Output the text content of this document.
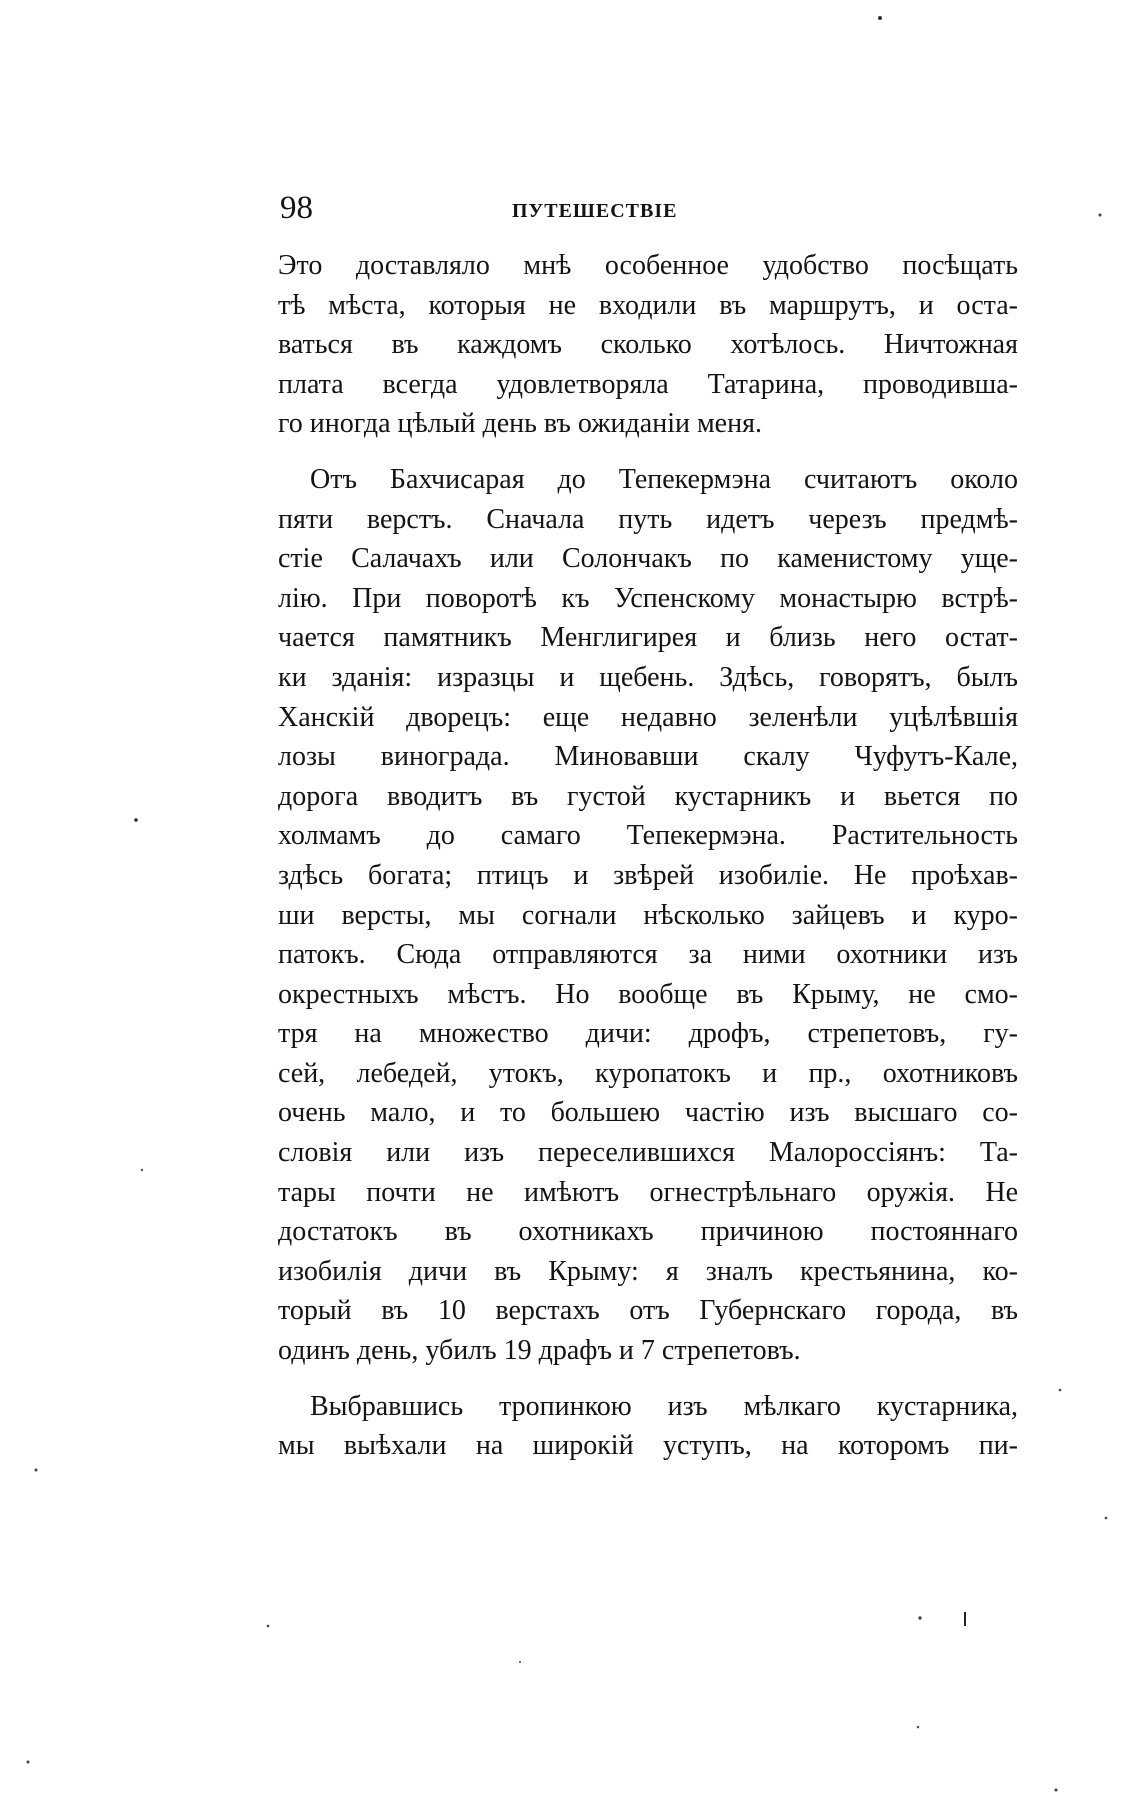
98	ПУТЕШЕСТВІЕ
Это доставляло мнѣ особенное удобство посѣщать
тѣ мѣста, которыя не входили въ маршрутъ, и оста-
ваться въ каждомъ сколько хотѣлось. Ничтожная
плата всегда удовлетворяла Татарина, проводившa-
го иногда цѣлый день въ ожиданіи меня.
Отъ Бахчисарая до Тепекермэна считаютъ около
пяти верстъ. Сначала путь идетъ черезъ предмѣ-
стіе Салачахъ или Солончакъ по каменистому уще-
лію. При поворотѣ къ Успенскому монастырю встрѣ-
чается памятникъ Менглигирея и близь него остат-
ки зданія: изразцы и щебень. Здѣсь, говорятъ, былъ
Ханскій дворецъ: еще недавно зеленѣли уцѣлѣвшія
лозы винограда. Миновавши скалу Чуфутъ-Кале,
дорога вводитъ въ густой кустарникъ и вьется по
холмамъ до самаго Тепекермэна. Растительность
здѣсь богата; птицъ и звѣрей изобиліе. Не проѣхав-
ши версты, мы согнали нѣсколько зайцевъ и куро-
патокъ. Сюда отправляются за ними охотники изъ
окрестныхъ мѣстъ. Но вообще въ Крыму, не смо-
тря на множество дичи: дрофъ, стрепетовъ, гу-
сей, лебедей, утокъ, куропатокъ и пр., охотниковъ
очень мало, и то большею частію изъ высшаго со-
словія или изъ переселившихся Малороссіянъ: Та-
тары почти не имѣютъ огнестрѣльнаго оружія. Не
достатокъ въ охотникахъ причиною постояннаго
изобилія дичи въ Крыму: я зналъ крестьянина, ко-
торый въ 10 верстахъ отъ Губернскаго города, въ
одинъ день, убилъ 19 драфъ и 7 стрепетовъ.
Выбравшись тропинкою изъ мѣлкаго кустарника,
мы выѣхали на широкій уступъ, на которомъ пи-
